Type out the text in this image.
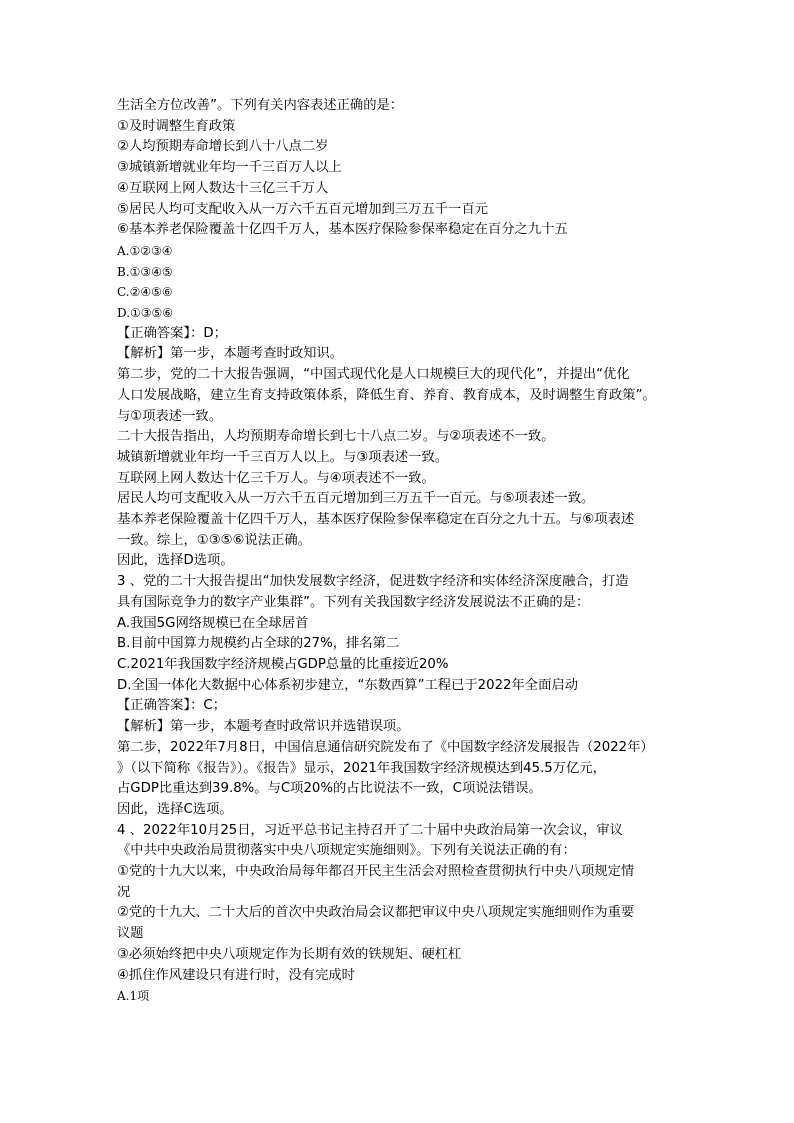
生活全方位改善”。下列有关内容表述正确的是：
①及时调整生育政策
②人均预期寿命增长到八十八点二岁
③城镇新增就业年均一千三百万人以上
④互联网上网人数达十三亿三千万人
⑤居民人均可支配收入从一万六千五百元增加到三万五千一百元
⑥基本养老保险覆盖十亿四千万人，基本医疗保险参保率稳定在百分之九十五
A.①②③④
B.①③④⑤
C.②④⑤⑥
D.①③⑤⑥
【正确答案】：D；
【解析】第一步，本题考查时政知识。
第二步，党的二十大报告强调，“中国式现代化是人口规模巨大的现代化”，并提出“优化
人口发展战略，建立生育支持政策体系，降低生育、养育、教育成本，及时调整生育政策”。
与①项表述一致。
二十大报告指出，人均预期寿命增长到七十八点二岁。与②项表述不一致。
城镇新增就业年均一千三百万人以上。与③项表述一致。
互联网上网人数达十亿三千万人。与④项表述不一致。
居民人均可支配收入从一万六千五百元增加到三万五千一百元。与⑤项表述一致。
基本养老保险覆盖十亿四千万人，基本医疗保险参保率稳定在百分之九十五。与⑥项表述
一致。综上，①③⑤⑥说法正确。
因此，选择D选项。
3 、党的二十大报告提出“加快发展数字经济，促进数字经济和实体经济深度融合，打造
具有国际竞争力的数字产业集群”。下列有关我国数字经济发展说法不正确的是：
A.我国5G网络规模已在全球居首
B.目前中国算力规模约占全球的27%，排名第二
C.2021年我国数字经济规模占GDP总量的比重接近20%
D.全国一体化大数据中心体系初步建立，“东数西算”工程已于2022年全面启动
【正确答案】：C；
【解析】第一步，本题考查时政常识并选错误项。
第二步，2022年7月8日，中国信息通信研究院发布了《中国数字经济发展报告（2022年）
》（以下简称《报告》）。《报告》显示，2021年我国数字经济规模达到45.5万亿元，
占GDP比重达到39.8%。与C项20%的占比说法不一致，C项说法错误。
因此，选择C选项。
4 、2022年10月25日，习近平总书记主持召开了二十届中央政治局第一次会议，审议
《中共中央政治局贯彻落实中央八项规定实施细则》。下列有关说法正确的有：
①党的十九大以来，中央政治局每年都召开民主生活会对照检查贯彻执行中央八项规定情
况
②党的十九大、二十大后的首次中央政治局会议都把审议中央八项规定实施细则作为重要
议题
③必须始终把中央八项规定作为长期有效的铁规矩、硬杠杠
④抓住作风建设只有进行时，没有完成时
A.1项
